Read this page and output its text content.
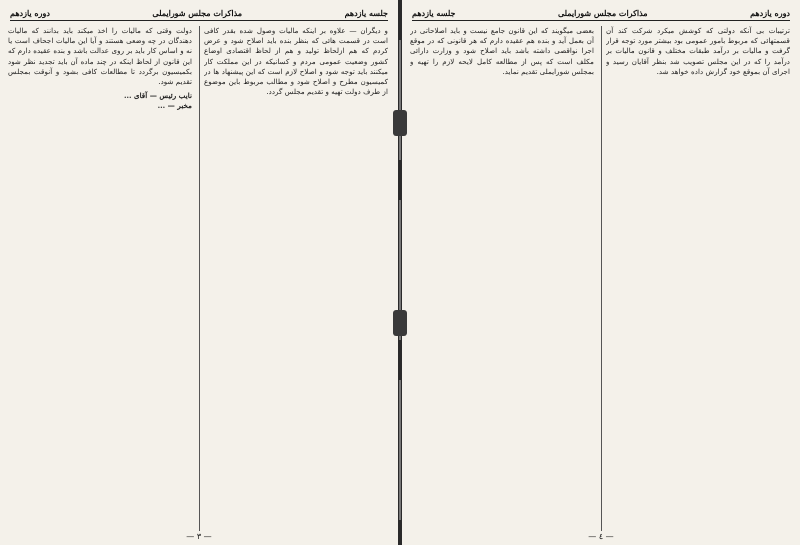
جلسه یازدهم
مذاکرات مجلس شورایملی
دوره یازدهم
و دیگران — علاوه بر اینکه مالیات وصول شده بقدر کافی است در قسمت هائی که بنظر بنده باید اصلاح شود و عرض کردم که هم ازلحاظ تولید و هم از لحاظ اقتصادی اوضاع کشور وضعیت عمومی مردم و کسانیکه در این مملکت کار میکنند باید توجه شود و اصلاح لازم است که این پیشنهاد ها در کمیسیون مطرح و اصلاح شود و مطالب مربوط باین موضوع از طرف دولت تهیه و تقدیم مجلس گردد.
دولت وقتی که مالیات را اخذ میکند باید بدانند که مالیات دهندگان در چه وضعی هستند و آیا این مالیات اجحاف است یا نه و اساس کار باید بر روی عدالت باشد و بنده عقیده دارم که این قانون از لحاظ اینکه در چند ماده آن باید تجدید نظر شود بکمیسیون برگردد تا مطالعات کافی بشود و آنوقت بمجلس تقدیم شود.
نایب رئیس — آقای ...
مخبر — ...
— ٣ —
دوره یازدهم
مذاکرات مجلس شورایملی
جلسه یازدهم
ترتیبات بی آنکه دولتی که کوشش میکرد شرکت کند آن قسمتهائی که مربوط بامور عمومی بود بیشتر مورد توجه قرار گرفت و مالیات بر درآمد طبقات مختلف و قانون مالیات بر درآمد را که در این مجلس تصویب شد بنظر آقایان رسید و اجرای آن بموقع خود گزارش داده خواهد شد.
بعضی میگویند که این قانون جامع نیست و باید اصلاحاتی در آن بعمل آید و بنده هم عقیده دارم که هر قانونی که در موقع اجرا نواقصی داشته باشد باید اصلاح شود و وزارت دارائی مکلف است که پس از مطالعه کامل لایحه لازم را تهیه و بمجلس شورایملی تقدیم نماید.
— ٤ —
